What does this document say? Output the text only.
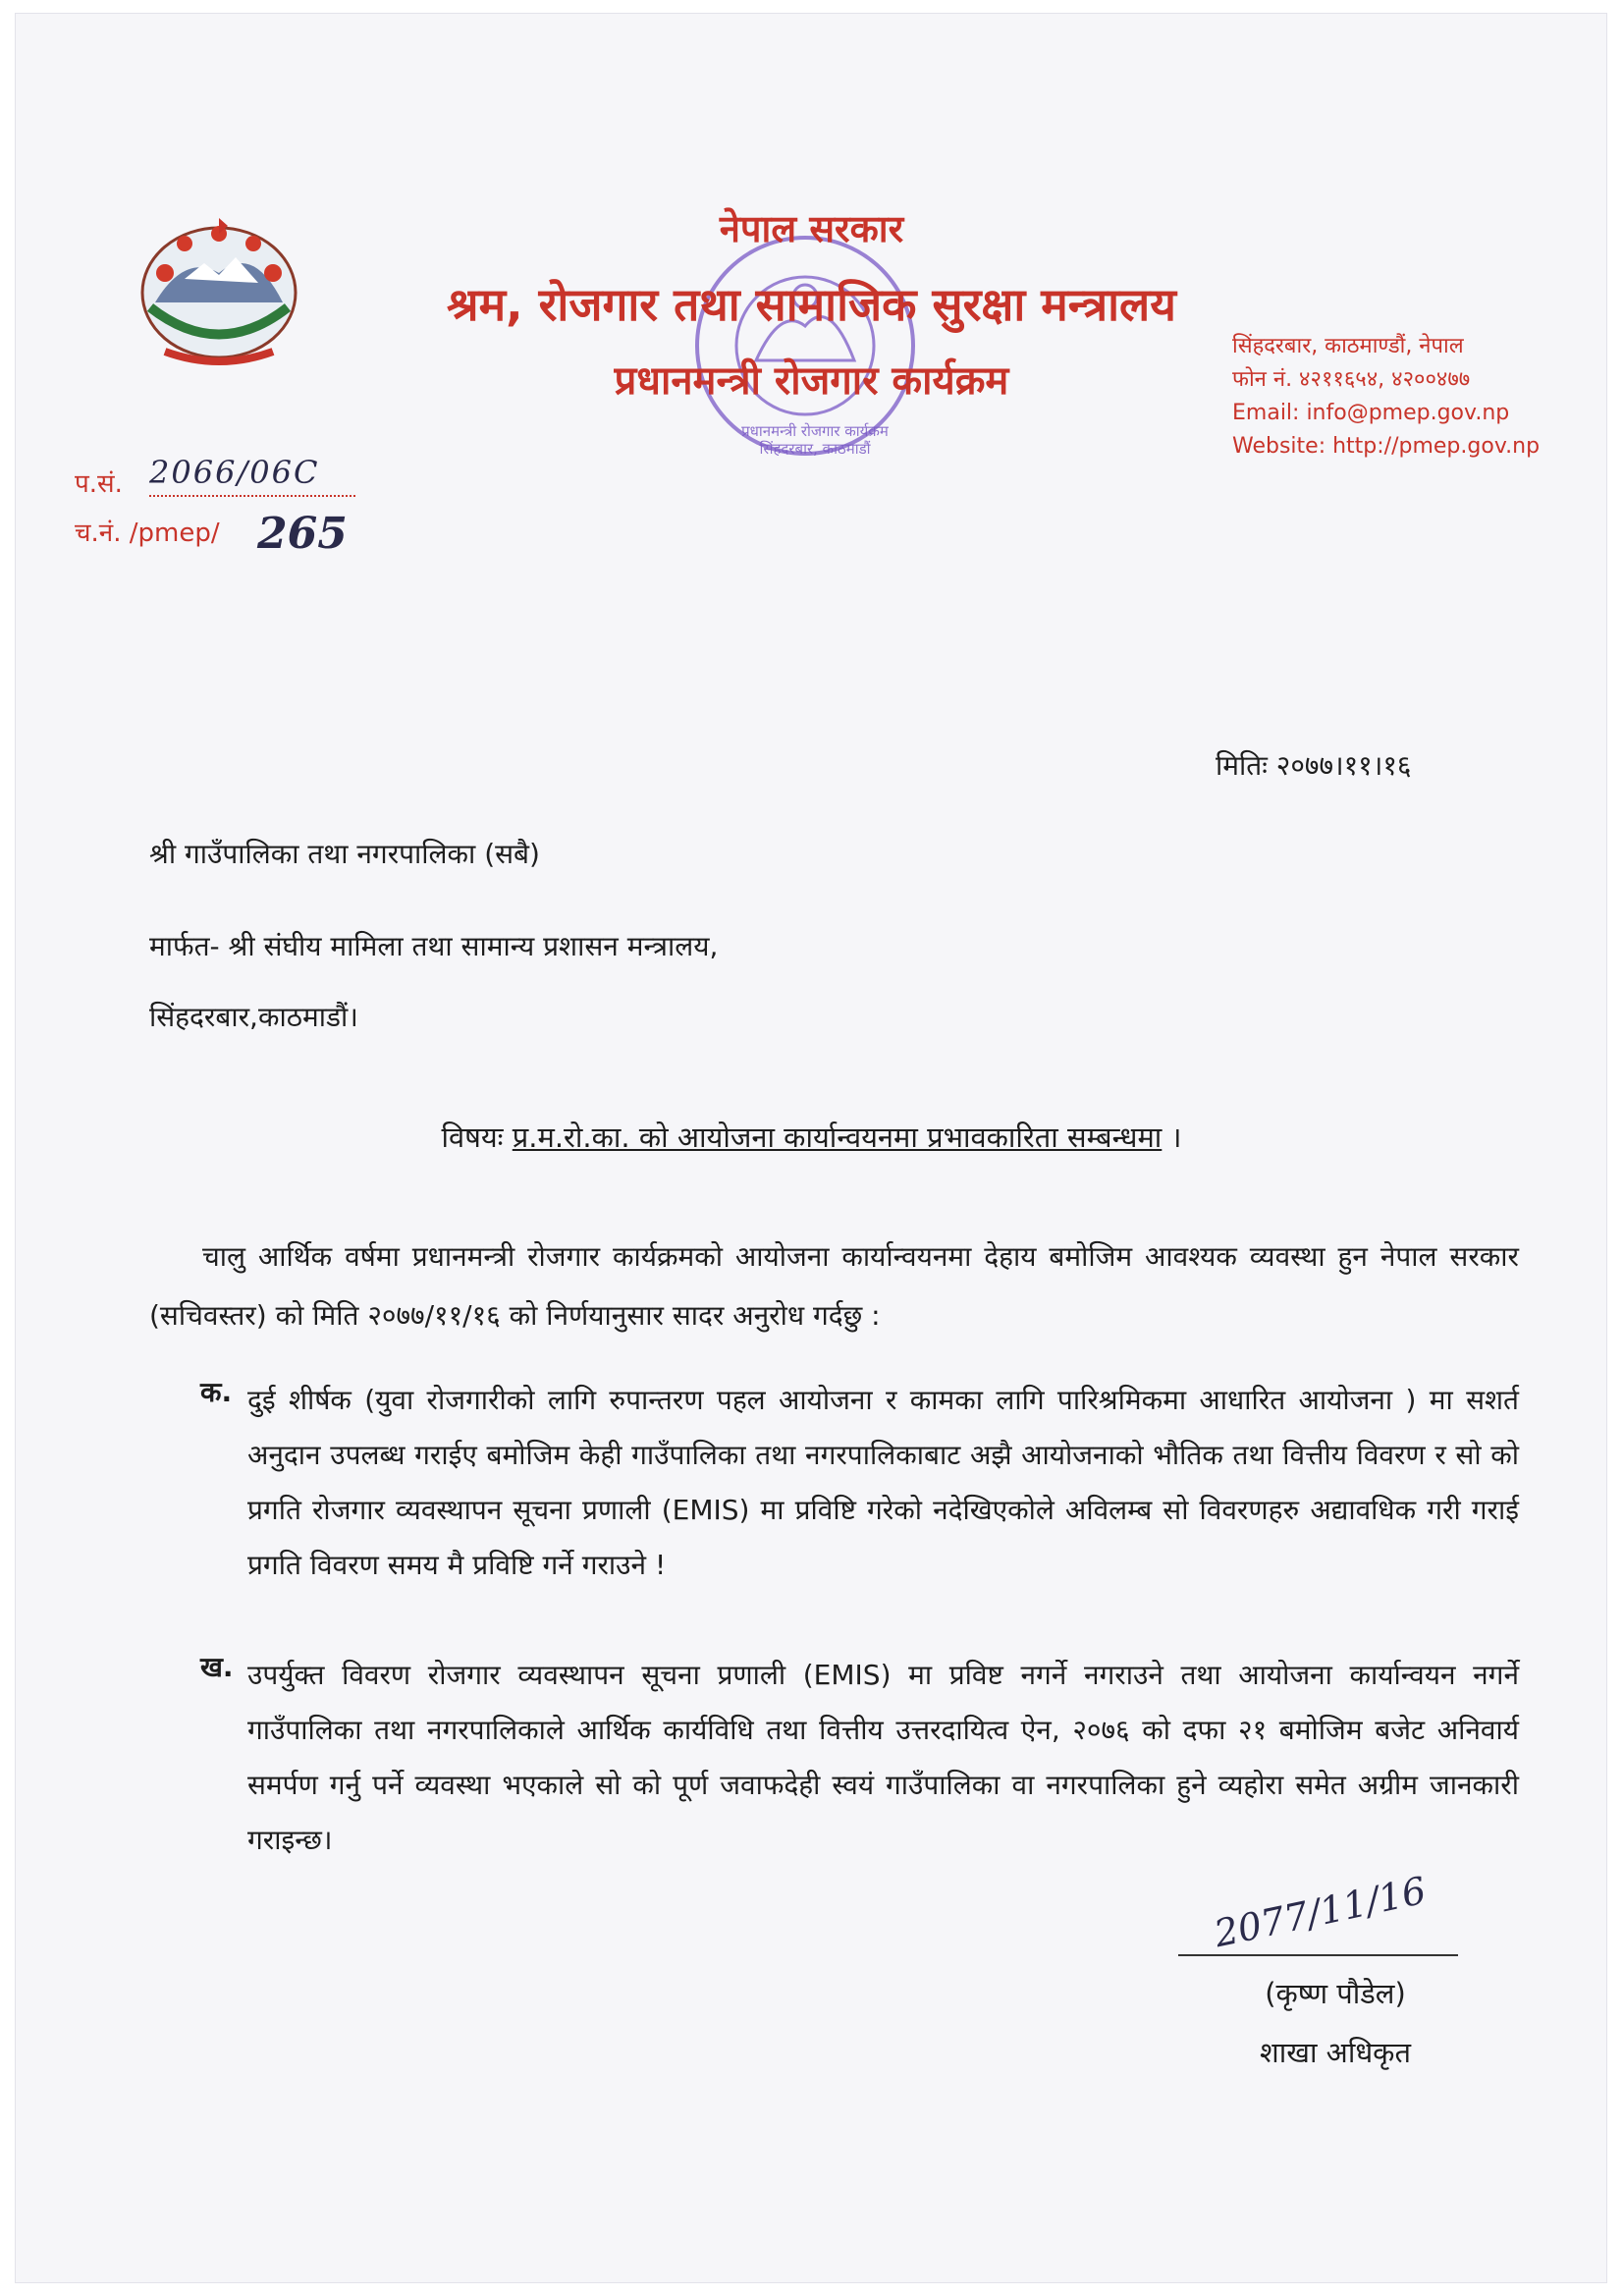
नेपाल सरकार
श्रम, रोजगार तथा सामाजिक सुरक्षा मन्त्रालय
प्रधानमन्त्री रोजगार कार्यक्रम
प्रधानमन्त्री रोजगार कार्यक्रम सिंहदरबार, काठमाडौं
सिंहदरबार, काठमाण्डौं, नेपाल
फोन नं. ४२११६५४, ४२००४७७
Email: info@pmep.gov.np
Website: http://pmep.gov.np
प.सं.
च.नं. /pmep/
2066/06C
265
मितिः २०७७।११।१६
श्री गाउँपालिका तथा नगरपालिका (सबै)
मार्फत- श्री संघीय मामिला तथा सामान्य प्रशासन मन्त्रालय,
सिंहदरबार,काठमाडौं।
विषयः प्र.म.रो.का. को आयोजना कार्यान्वयनमा प्रभावकारिता सम्बन्धमा ।
चालु आर्थिक वर्षमा प्रधानमन्त्री रोजगार कार्यक्रमको आयोजना कार्यान्वयनमा देहाय बमोजिम आवश्यक व्यवस्था हुन नेपाल सरकार (सचिवस्तर) को मिति २०७७/११/१६ को निर्णयानुसार सादर अनुरोध गर्दछु :
क. दुई शीर्षक (युवा रोजगारीको लागि रुपान्तरण पहल आयोजना र कामका लागि पारिश्रमिकमा आधारित आयोजना ) मा सशर्त अनुदान उपलब्ध गराईए बमोजिम केही गाउँपालिका तथा नगरपालिकाबाट अझै आयोजनाको भौतिक तथा वित्तीय विवरण र सो को प्रगति रोजगार व्यवस्थापन सूचना प्रणाली (EMIS) मा प्रविष्टि गरेको नदेखिएकोले अविलम्ब सो विवरणहरु अद्यावधिक गरी गराई प्रगति विवरण समय मै प्रविष्टि गर्ने गराउने !
ख. उपर्युक्त विवरण रोजगार व्यवस्थापन सूचना प्रणाली (EMIS) मा प्रविष्ट नगर्ने नगराउने तथा आयोजना कार्यान्वयन नगर्ने गाउँपालिका तथा नगरपालिकाले आर्थिक कार्यविधि तथा वित्तीय उत्तरदायित्व ऐन, २०७६ को दफा २१ बमोजिम बजेट अनिवार्य समर्पण गर्नु पर्ने व्यवस्था भएकाले सो को पूर्ण जवाफदेही स्वयं गाउँपालिका वा नगरपालिका हुने व्यहोरा समेत अग्रीम जानकारी गराइन्छ।
2077/11/16
(कृष्ण पौडेल)
शाखा अधिकृत
